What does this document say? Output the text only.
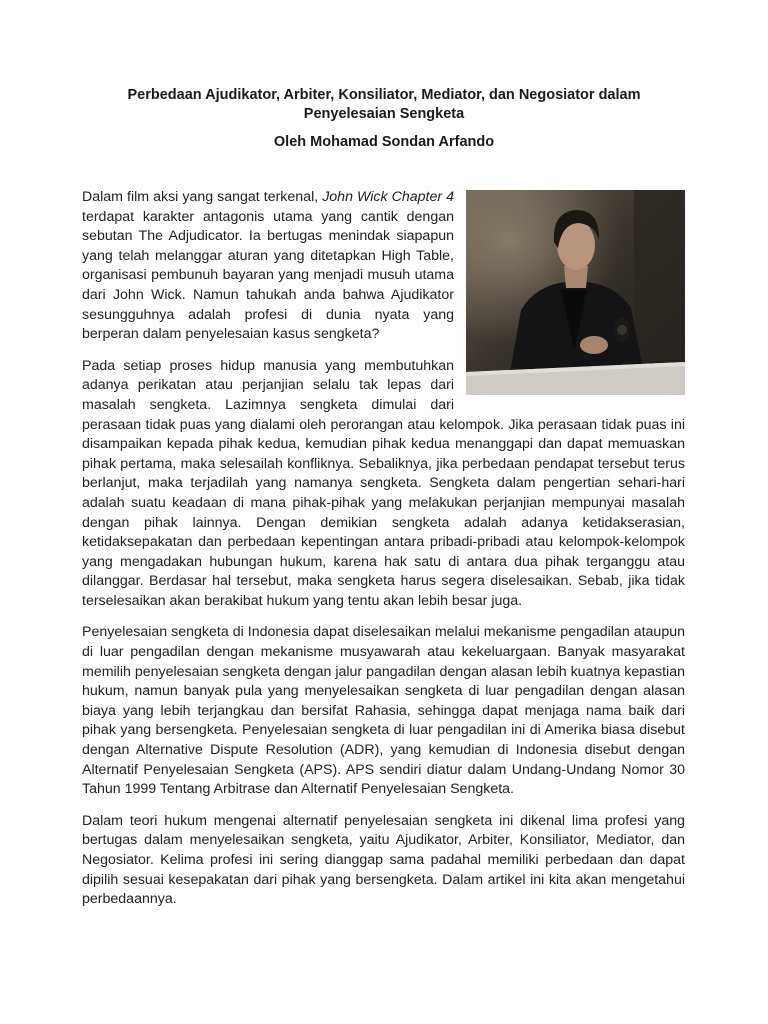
Perbedaan Ajudikator, Arbiter, Konsiliator, Mediator, dan Negosiator dalam Penyelesaian Sengketa

Oleh Mohamad Sondan Arfando

Dalam film aksi yang sangat terkenal, John Wick Chapter 4 terdapat karakter antagonis utama yang cantik dengan sebutan The Adjudicator. Ia bertugas menindak siapapun yang telah melanggar aturan yang ditetapkan High Table, organisasi pembunuh bayaran yang menjadi musuh utama dari John Wick. Namun tahukah anda bahwa Ajudikator sesungguhnya adalah profesi di dunia nyata yang berperan dalam penyelesaian kasus sengketa?

Pada setiap proses hidup manusia yang membutuhkan adanya perikatan atau perjanjian selalu tak lepas dari masalah sengketa. Lazimnya sengketa dimulai dari perasaan tidak puas yang dialami oleh perorangan atau kelompok. Jika perasaan tidak puas ini disampaikan kepada pihak kedua, kemudian pihak kedua menanggapi dan dapat memuaskan pihak pertama, maka selesailah konfliknya. Sebaliknya, jika perbedaan pendapat tersebut terus berlanjut, maka terjadilah yang namanya sengketa. Sengketa dalam pengertian sehari-hari adalah suatu keadaan di mana pihak-pihak yang melakukan perjanjian mempunyai masalah dengan pihak lainnya. Dengan demikian sengketa adalah adanya ketidakserasian, ketidaksepakatan dan perbedaan kepentingan antara pribadi-pribadi atau kelompok-kelompok yang mengadakan hubungan hukum, karena hak satu di antara dua pihak terganggu atau dilanggar. Berdasar hal tersebut, maka sengketa harus segera diselesaikan. Sebab, jika tidak terselesaikan akan berakibat hukum yang tentu akan lebih besar juga.

Penyelesaian sengketa di Indonesia dapat diselesaikan melalui mekanisme pengadilan ataupun di luar pengadilan dengan mekanisme musyawarah atau kekeluargaan. Banyak masyarakat memilih penyelesaian sengketa dengan jalur pangadilan dengan alasan lebih kuatnya kepastian hukum, namun banyak pula yang menyelesaikan sengketa di luar pengadilan dengan alasan biaya yang lebih terjangkau dan bersifat Rahasia, sehingga dapat menjaga nama baik dari pihak yang bersengketa. Penyelesaian sengketa di luar pengadilan ini di Amerika biasa disebut dengan Alternative Dispute Resolution (ADR), yang kemudian di Indonesia disebut dengan Alternatif Penyelesaian Sengketa (APS). APS sendiri diatur dalam Undang-Undang Nomor 30 Tahun 1999 Tentang Arbitrase dan Alternatif Penyelesaian Sengketa.

Dalam teori hukum mengenai alternatif penyelesaian sengketa ini dikenal lima profesi yang bertugas dalam menyelesaikan sengketa, yaitu Ajudikator, Arbiter, Konsiliator, Mediator, dan Negosiator. Kelima profesi ini sering dianggap sama padahal memiliki perbedaan dan dapat dipilih sesuai kesepakatan dari pihak yang bersengketa. Dalam artikel ini kita akan mengetahui perbedaannya.
